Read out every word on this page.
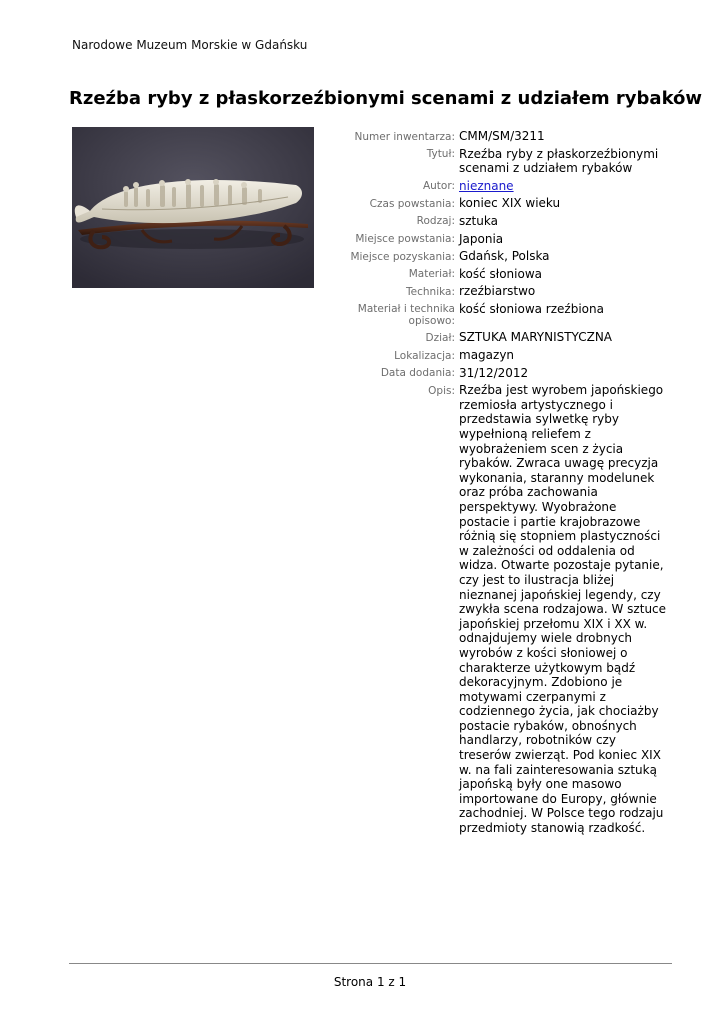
Narodowe Muzeum Morskie w Gdańsku
Rzeźba ryby z płaskorzeźbionymi scenami z udziałem rybaków
Numer inwentarza: CMM/SM/3211
Tytuł: Rzeźba ryby z płaskorzeźbionymi scenami z udziałem rybaków
Autor: nieznane
Czas powstania: koniec XIX wieku
Rodzaj: sztuka
Miejsce powstania: Japonia
Miejsce pozyskania: Gdańsk, Polska
Materiał: kość słoniowa
Technika: rzeźbiarstwo
Materiał i technika opisowo:
kość słoniowa rzeźbiona
Dział: SZTUKA MARYNISTYCZNA
Lokalizacja: magazyn
Data dodania: 31/12/2012
Opis: Rzeźba jest wyrobem japońskiego rzemiosła artystycznego i przedstawia sylwetkę ryby wypełnioną reliefem z wyobrażeniem scen z życia rybaków. Zwraca uwagę precyzja wykonania, staranny modelunek oraz próba zachowania perspektywy. Wyobrażone postacie i partie krajobrazowe różnią się stopniem plastyczności w zależności od oddalenia od widza. Otwarte pozostaje pytanie, czy jest to ilustracja bliżej nieznanej japońskiej legendy, czy zwykła scena rodzajowa. W sztuce japońskiej przełomu XIX i XX w. odnajdujemy wiele drobnych wyrobów z kości słoniowej o charakterze użytkowym bądź dekoracyjnym. Zdobiono je motywami czerpanymi z codziennego życia, jak chociażby postacie rybaków, obnośnych handlarzy, robotników czy treserów zwierząt. Pod koniec XIX w. na fali zainteresowania sztuką japońską były one masowo importowane do Europy, głównie zachodniej. W Polsce tego rodzaju przedmioty stanowią rzadkość.
Strona 1 z 1
